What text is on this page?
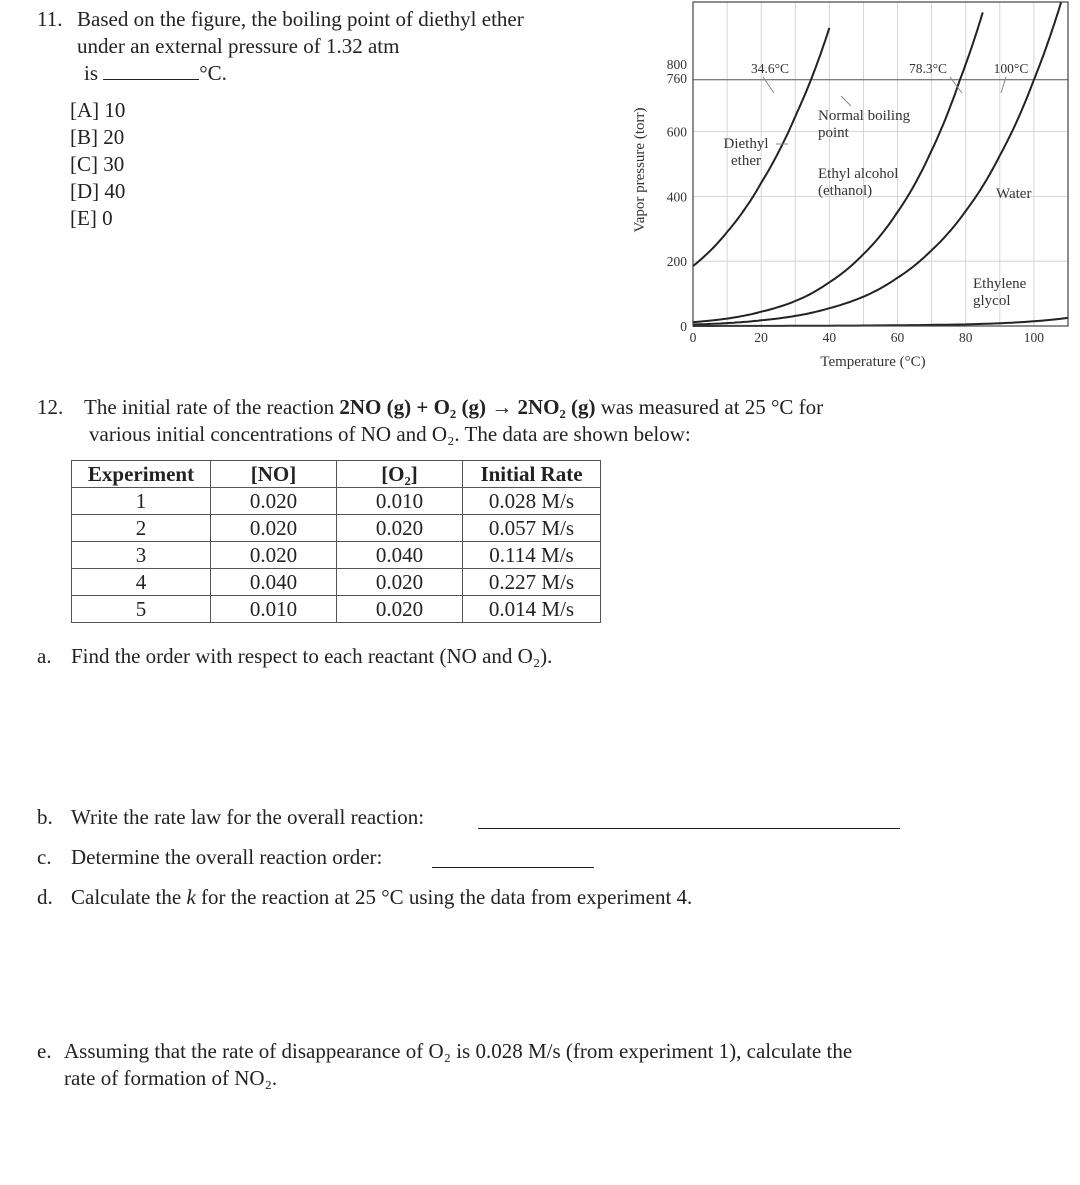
11. Based on the figure, the boiling point of diethyl ether
under an external pressure of 1.32 atm
is	°C.
[A] 10
[B] 20
[C] 30
[D] 40
[E] 0
0	20	40	60	80	100
0
200
400
600
760
800
Temperature (°C)
Vapor pressure (torr)
34.6°C	78.3°C	100°C
Normal boiling
point
Diethyl
ether
Ethyl alcohol
(ethanol)	Water
Ethylene
glycol
12. The initial rate of the reaction 2NO (g) + O₂ (g) → 2NO₂ (g) was measured at 25 °C for
various initial concentrations of NO and O₂. The data are shown below:
Experiment	[NO]	[O₂]	Initial Rate
1	0.020	0.010	0.028 M/s
2	0.020	0.020	0.057 M/s
3	0.020	0.040	0.114 M/s
4	0.040	0.020	0.227 M/s
5	0.010	0.020	0.014 M/s
a. Find the order with respect to each reactant (NO and O₂).
b. Write the rate law for the overall reaction:
c. Determine the overall reaction order:
d. Calculate the k for the reaction at 25 °C using the data from experiment 4.
e. Assuming that the rate of disappearance of O₂ is 0.028 M/s (from experiment 1), calculate the
rate of formation of NO₂.
